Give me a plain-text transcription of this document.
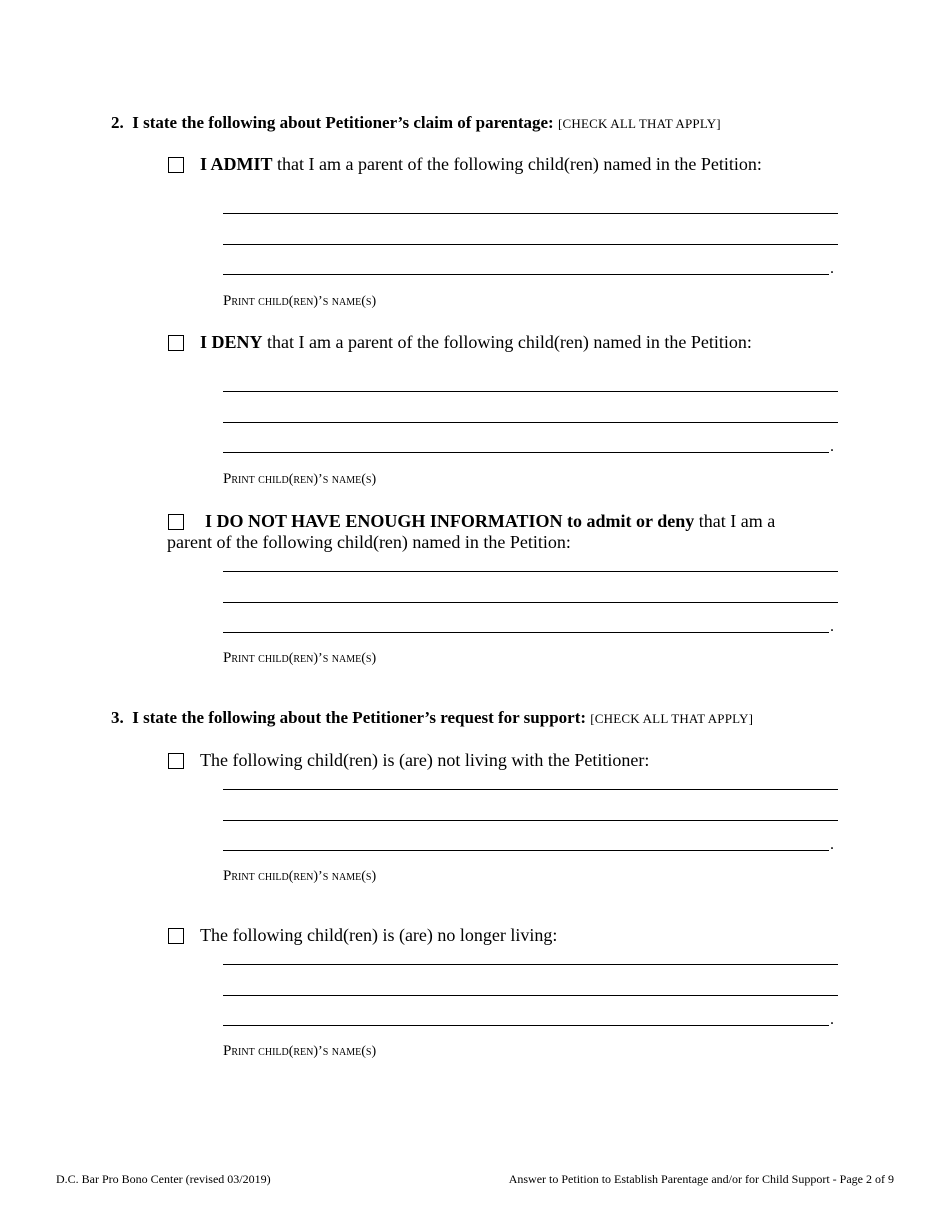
2. I state the following about Petitioner’s claim of parentage: [CHECK ALL THAT APPLY]
I ADMIT that I am a parent of the following child(ren) named in the Petition:
.
Print child(ren)’s name(s)
I DENY that I am a parent of the following child(ren) named in the Petition:
.
Print child(ren)’s name(s)
I DO NOT HAVE ENOUGH INFORMATION to admit or deny that I am a
parent of the following child(ren) named in the Petition:
.
Print child(ren)’s name(s)
3. I state the following about the Petitioner’s request for support: [CHECK ALL THAT APPLY]
The following child(ren) is (are) not living with the Petitioner:
.
Print child(ren)’s name(s)
The following child(ren) is (are) no longer living:
.
Print child(ren)’s name(s)
D.C. Bar Pro Bono Center (revised 03/2019)	Answer to Petition to Establish Parentage and/or for Child Support - Page 2 of 9
